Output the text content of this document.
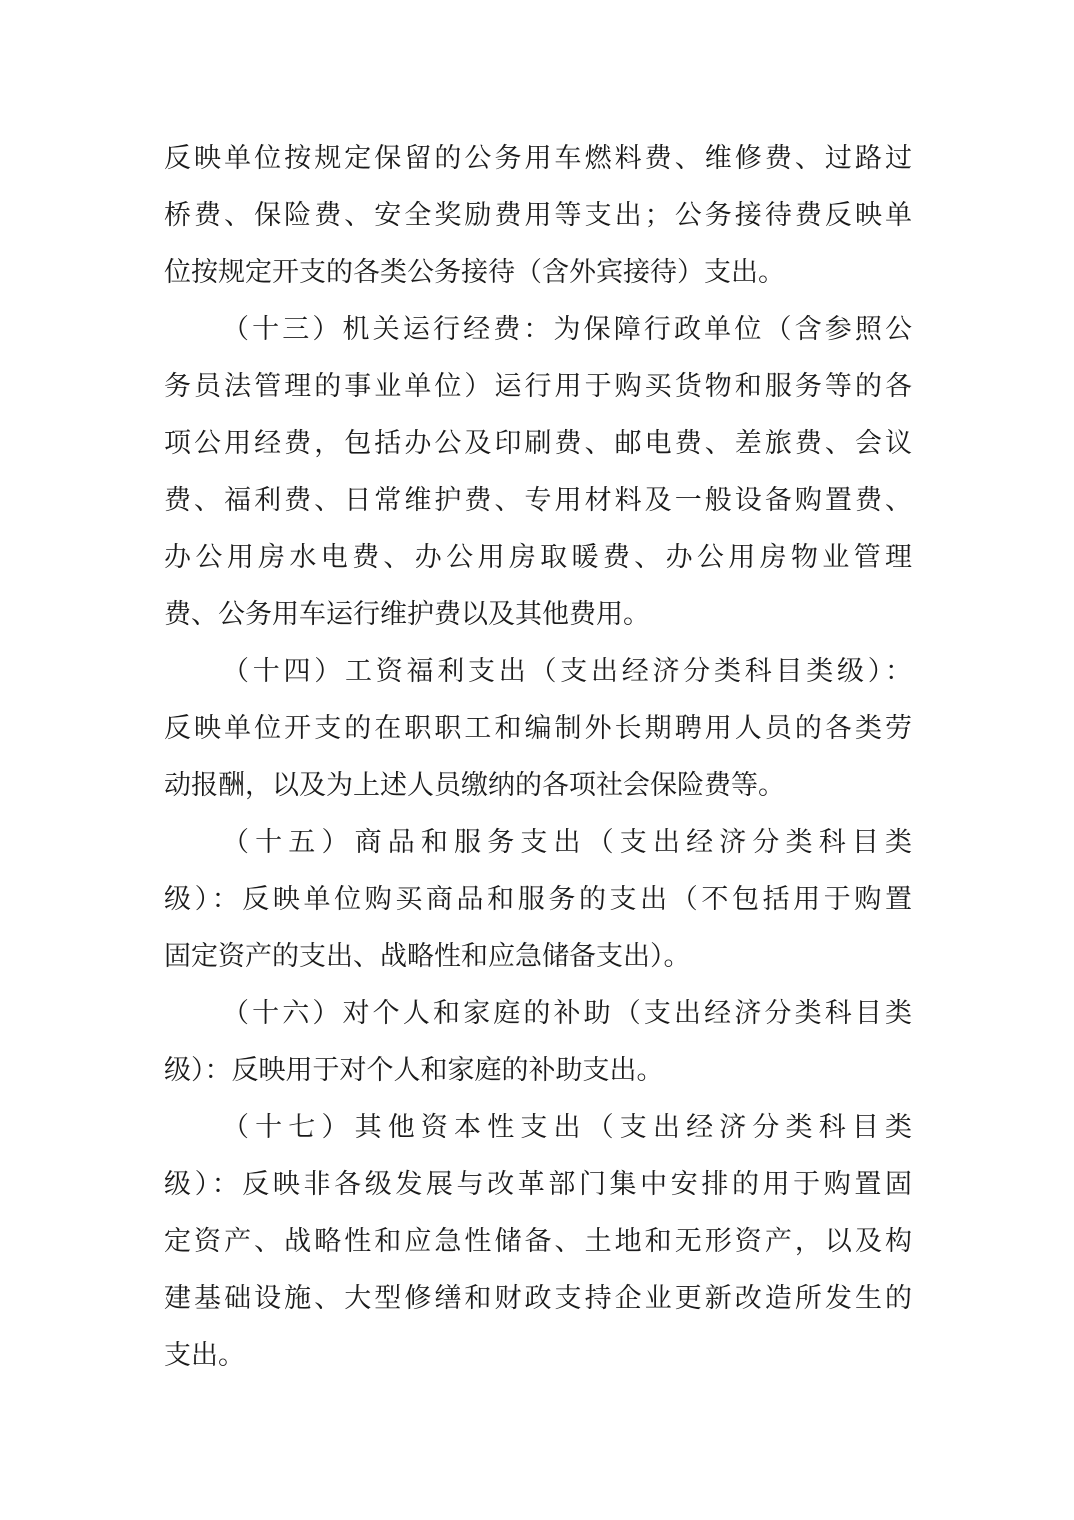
反映单位按规定保留的公务用车燃料费、维修费、过路过
桥费、保险费、安全奖励费用等支出；公务接待费反映单
位按规定开支的各类公务接待（含外宾接待）支出。
（十三）机关运行经费：为保障行政单位（含参照公
务员法管理的事业单位）运行用于购买货物和服务等的各
项公用经费，包括办公及印刷费、邮电费、差旅费、会议
费、福利费、日常维护费、专用材料及一般设备购置费、
办公用房水电费、办公用房取暖费、办公用房物业管理
费、公务用车运行维护费以及其他费用。
（十四）工资福利支出（支出经济分类科目类级）：
反映单位开支的在职职工和编制外长期聘用人员的各类劳
动报酬，以及为上述人员缴纳的各项社会保险费等。
（十五）商品和服务支出（支出经济分类科目类
级）：反映单位购买商品和服务的支出（不包括用于购置
固定资产的支出、战略性和应急储备支出）。
（十六）对个人和家庭的补助（支出经济分类科目类
级）：反映用于对个人和家庭的补助支出。
（十七）其他资本性支出（支出经济分类科目类
级）：反映非各级发展与改革部门集中安排的用于购置固
定资产、战略性和应急性储备、土地和无形资产，以及构
建基础设施、大型修缮和财政支持企业更新改造所发生的
支出。
